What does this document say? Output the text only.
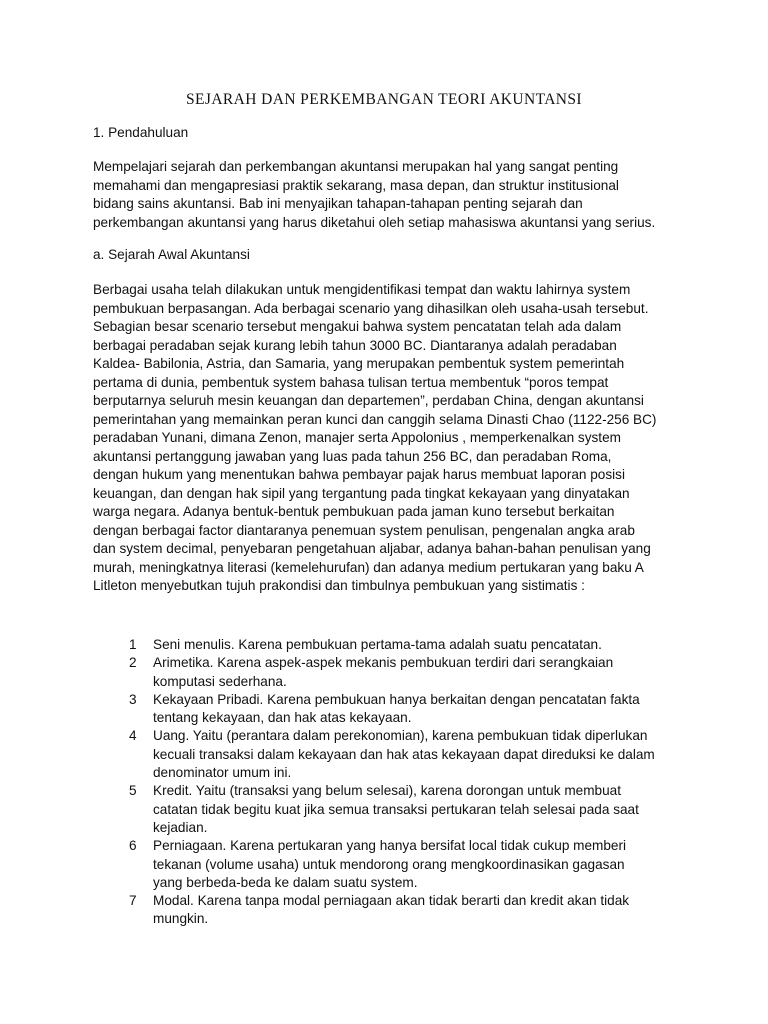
SEJARAH DAN PERKEMBANGAN TEORI AKUNTANSI
1. Pendahuluan
Mempelajari sejarah dan perkembangan akuntansi merupakan hal yang sangat penting
memahami dan mengapresiasi praktik sekarang, masa depan, dan struktur institusional
bidang sains akuntansi. Bab ini menyajikan tahapan-tahapan penting sejarah dan
perkembangan akuntansi yang harus diketahui oleh setiap mahasiswa akuntansi yang serius.
a. Sejarah Awal Akuntansi
Berbagai usaha telah dilakukan untuk mengidentifikasi tempat dan waktu lahirnya system
pembukuan berpasangan. Ada berbagai scenario yang dihasilkan oleh usaha-usah tersebut.
Sebagian besar scenario tersebut mengakui bahwa system pencatatan telah ada dalam
berbagai peradaban sejak kurang lebih tahun 3000 BC. Diantaranya adalah peradaban
Kaldea- Babilonia, Astria, dan Samaria, yang merupakan pembentuk system pemerintah
pertama di dunia, pembentuk system bahasa tulisan tertua membentuk “poros tempat
berputarnya seluruh mesin keuangan dan departemen”, perdaban China, dengan akuntansi
pemerintahan yang memainkan peran kunci dan canggih selama Dinasti Chao (1122-256 BC)
peradaban Yunani, dimana Zenon, manajer serta Appolonius , memperkenalkan system
akuntansi pertanggung jawaban yang luas pada tahun 256 BC, dan peradaban Roma,
dengan hukum yang menentukan bahwa pembayar pajak harus membuat laporan posisi
keuangan, dan dengan hak sipil yang tergantung pada tingkat kekayaan yang dinyatakan
warga negara. Adanya bentuk-bentuk pembukuan pada jaman kuno tersebut berkaitan
dengan berbagai factor diantaranya penemuan system penulisan, pengenalan angka arab
dan system decimal, penyebaran pengetahuan aljabar, adanya bahan-bahan penulisan yang
murah, meningkatnya literasi (kemelehurufan) dan adanya medium pertukaran yang baku A
Litleton menyebutkan tujuh prakondisi dan timbulnya pembukuan yang sistimatis :
1	Seni menulis. Karena pembukuan pertama-tama adalah suatu pencatatan.
2	Arimetika. Karena aspek-aspek mekanis pembukuan terdiri dari serangkaian
komputasi sederhana.
3	Kekayaan Pribadi. Karena pembukuan hanya berkaitan dengan pencatatan fakta
tentang kekayaan, dan hak atas kekayaan.
4	Uang. Yaitu (perantara dalam perekonomian), karena pembukuan tidak diperlukan
kecuali transaksi dalam kekayaan dan hak atas kekayaan dapat direduksi ke dalam
denominator umum ini.
5	Kredit. Yaitu (transaksi yang belum selesai), karena dorongan untuk membuat
catatan tidak begitu kuat jika semua transaksi pertukaran telah selesai pada saat
kejadian.
6	Perniagaan. Karena pertukaran yang hanya bersifat local tidak cukup memberi
tekanan (volume usaha) untuk mendorong orang mengkoordinasikan gagasan
yang berbeda-beda ke dalam suatu system.
7	Modal. Karena tanpa modal perniagaan akan tidak berarti dan kredit akan tidak
mungkin.
